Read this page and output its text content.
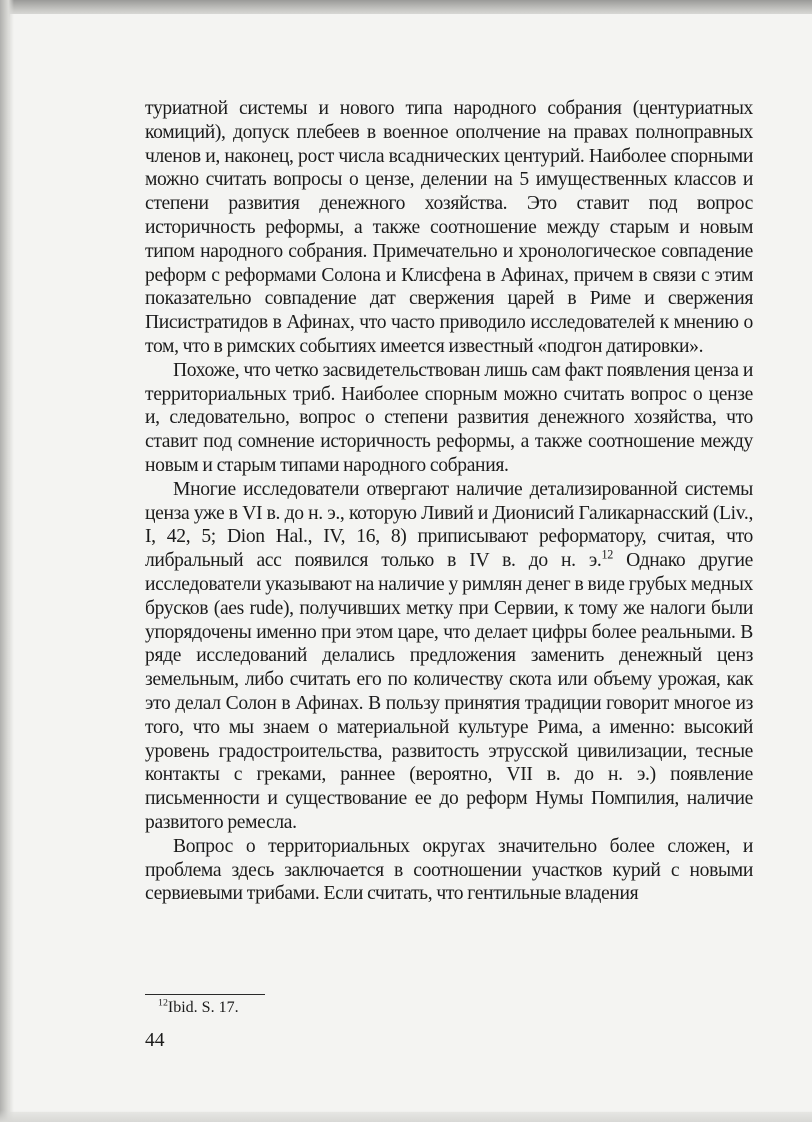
туриатной системы и нового типа народного собрания (центуриатных комиций), допуск плебеев в военное ополчение на правах полноправных членов и, наконец, рост числа всаднических центурий. Наиболее спорными можно считать вопросы о цензе, делении на 5 имущественных классов и степени развития денежного хозяйства. Это ставит под вопрос историчность реформы, а также соотношение между старым и новым типом народного собрания. Примечательно и хронологическое совпадение реформ с реформами Солона и Клисфена в Афинах, причем в связи с этим показательно совпадение дат свержения царей в Риме и свержения Писистратидов в Афинах, что часто приводило исследователей к мнению о том, что в римских событиях имеется известный «подгон датировки».

Похоже, что четко засвидетельствован лишь сам факт появления ценза и территориальных триб. Наиболее спорным можно считать вопрос о цензе и, следовательно, вопрос о степени развития денежного хозяйства, что ставит под сомнение историчность реформы, а также соотношение между новым и старым типами народного собрания.

Многие исследователи отвергают наличие детализированной системы ценза уже в VI в. до н. э., которую Ливий и Дионисий Галикарнасский (Liv., I, 42, 5; Dion Hal., IV, 16, 8) приписывают реформатору, считая, что либральный асс появился только в IV в. до н. э.$^{12}$ Однако другие исследователи указывают на наличие у римлян денег в виде грубых медных брусков (aes rude), получивших метку при Сервии, к тому же налоги были упорядочены именно при этом царе, что делает цифры более реальными. В ряде исследований делались предложения заменить денежный ценз земельным, либо считать его по количеству скота или объему урожая, как это делал Солон в Афинах. В пользу принятия традиции говорит многое из того, что мы знаем о материальной культуре Рима, а именно: высокий уровень градостроительства, развитость этрусской цивилизации, тесные контакты с греками, раннее (вероятно, VII в. до н. э.) появление письменности и существование ее до реформ Нумы Помпилия, наличие развитого ремесла.

Вопрос о территориальных округах значительно более сложен, и проблема здесь заключается в соотношении участков курий с новыми сервиевыми трибами. Если считать, что гентильные владения

$^{12}$Ibid. S. 17.
44
